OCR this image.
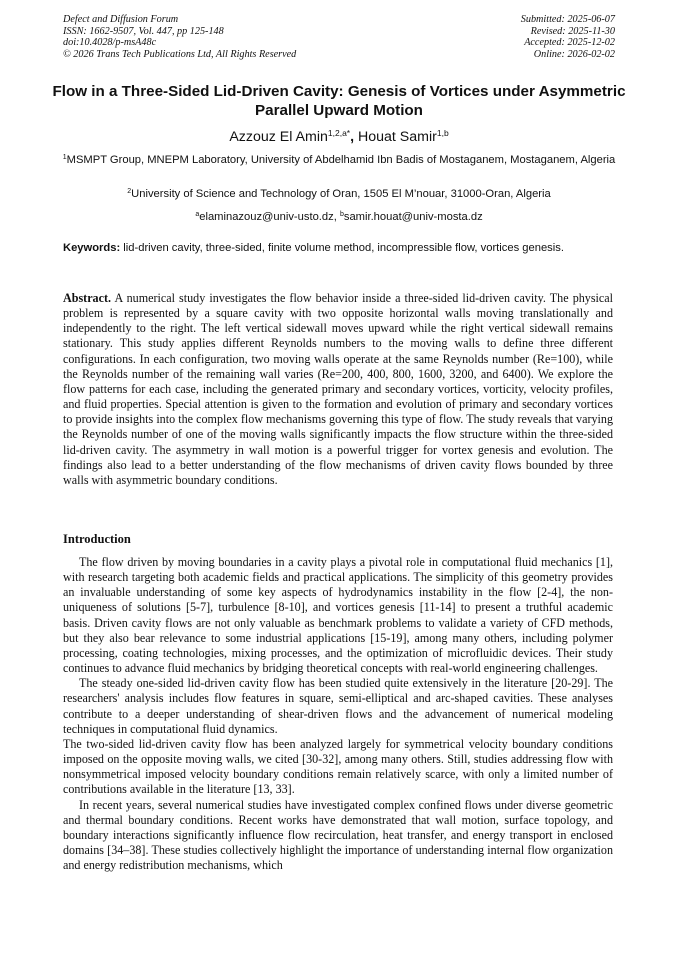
Defect and Diffusion Forum
ISSN: 1662-9507, Vol. 447, pp 125-148
doi:10.4028/p-msA48c
© 2026 Trans Tech Publications Ltd, All Rights Reserved
Submitted: 2025-06-07
Revised: 2025-11-30
Accepted: 2025-12-02
Online: 2026-02-02
Flow in a Three-Sided Lid-Driven Cavity: Genesis of Vortices under Asymmetric Parallel Upward Motion
Azzouz El Amin$^{1,2,a*}$, Houat Samir$^{1,b}$
$^1$MSMPT Group, MNEPM Laboratory, University of Abdelhamid Ibn Badis of Mostaganem, Mostaganem, Algeria
$^2$University of Science and Technology of Oran, 1505 El M’nouar, 31000-Oran, Algeria
$^a$elaminazouz@univ-usto.dz, $^b$samir.houat@univ-mosta.dz
Keywords: lid-driven cavity, three-sided, finite volume method, incompressible flow, vortices genesis.
Abstract. A numerical study investigates the flow behavior inside a three-sided lid-driven cavity. The physical problem is represented by a square cavity with two opposite horizontal walls moving translationally and independently to the right. The left vertical sidewall moves upward while the right vertical sidewall remains stationary. This study applies different Reynolds numbers to the moving walls to define three different configurations. In each configuration, two moving walls operate at the same Reynolds number (Re=100), while the Reynolds number of the remaining wall varies (Re=200, 400, 800, 1600, 3200, and 6400). We explore the flow patterns for each case, including the generated primary and secondary vortices, vorticity, velocity profiles, and fluid properties. Special attention is given to the formation and evolution of primary and secondary vortices to provide insights into the complex flow mechanisms governing this type of flow. The study reveals that varying the Reynolds number of one of the moving walls significantly impacts the flow structure within the three-sided lid-driven cavity. The asymmetry in wall motion is a powerful trigger for vortex genesis and evolution. The findings also lead to a better understanding of the flow mechanisms of driven cavity flows bounded by three walls with asymmetric boundary conditions.
Introduction

The flow driven by moving boundaries in a cavity plays a pivotal role in computational fluid mechanics [1], with research targeting both academic fields and practical applications. The simplicity of this geometry provides an invaluable understanding of some key aspects of hydrodynamics instability in the flow [2-4], the non-uniqueness of solutions [5-7], turbulence [8-10], and vortices genesis [11-14] to present a truthful academic basis. Driven cavity flows are not only valuable as benchmark problems to validate a variety of CFD methods, but they also bear relevance to some industrial applications [15-19], among many others, including polymer processing, coating technologies, mixing processes, and the optimization of microfluidic devices. Their study continues to advance fluid mechanics by bridging theoretical concepts with real-world engineering challenges.

The steady one-sided lid-driven cavity flow has been studied quite extensively in the literature [20-29]. The researchers' analysis includes flow features in square, semi-elliptical and arc-shaped cavities. These analyses contribute to a deeper understanding of shear-driven flows and the advancement of numerical modeling techniques in computational fluid dynamics.

The two-sided lid-driven cavity flow has been analyzed largely for symmetrical velocity boundary conditions imposed on the opposite moving walls, we cited [30-32], among many others. Still, studies addressing flow with nonsymmetrical imposed velocity boundary conditions remain relatively scarce, with only a limited number of contributions available in the literature [13, 33].

In recent years, several numerical studies have investigated complex confined flows under diverse geometric and thermal boundary conditions. Recent works have demonstrated that wall motion, surface topology, and boundary interactions significantly influence flow recirculation, heat transfer, and energy transport in enclosed domains [34–38]. These studies collectively highlight the importance of understanding internal flow organization and energy redistribution mechanisms, which
